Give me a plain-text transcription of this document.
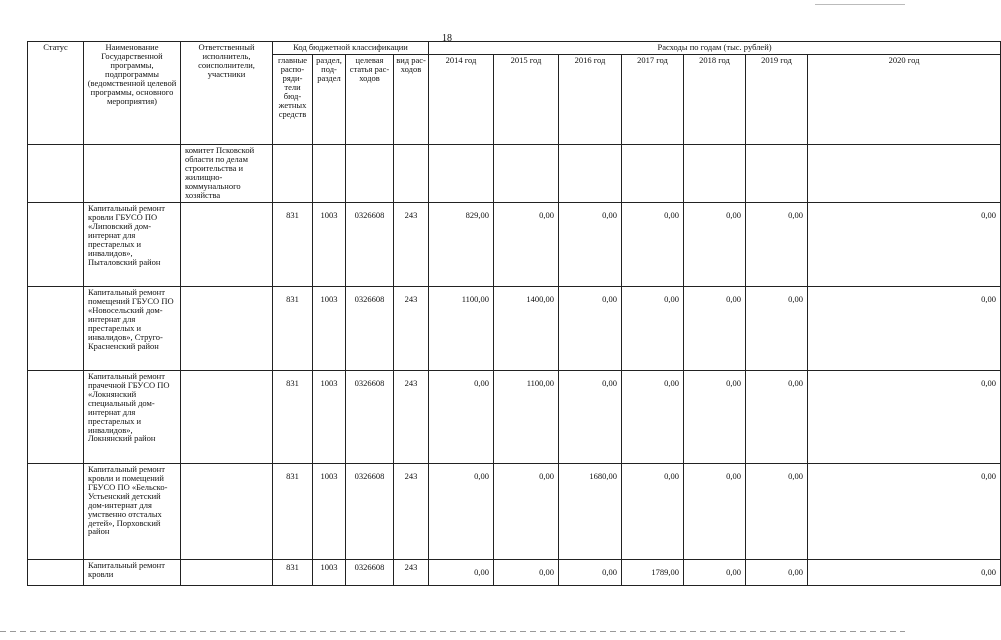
18
Статус	Наименование Государственной программы, подпрограммы (ведомственной целевой программы, основного мероприятия)	Ответственный исполнитель, соисполнители, участники	Код бюджетной классификации				Расходы по годам (тыс. рублей)						
			главные распо-ряди-тели бюд-жетных средств	раздел, под-раздел	целевая статья рас-ходов	вид рас-ходов	2014 год	2015 год	2016 год	2017 год	2018 год	2019 год	2020 год
		комитет Псковской области по делам строительства и жилищно-коммунального хозяйства											
	Капитальный ремонт кровли ГБУСО ПО «Липовский дом-интернат для престарелых и инвалидов», Пыталовский район		831	1003	0326608	243	829,00	0,00	0,00	0,00	0,00	0,00	0,00
	Капитальный ремонт помещений ГБУСО ПО «Новосельский дом-интернат для престарелых и инвалидов», Струго-Красненский район		831	1003	0326608	243	1100,00	1400,00	0,00	0,00	0,00	0,00	0,00
	Капитальный ремонт прачечной ГБУСО ПО «Локнянский специальный дом-интернат для престарелых и инвалидов», Локнянский район		831	1003	0326608	243	0,00	1100,00	0,00	0,00	0,00	0,00	0,00
	Капитальный ремонт кровли и помещений ГБУСО ПО «Бельско-Устьенский детский дом-интернат для умственно отсталых детей», Порховский район		831	1003	0326608	243	0,00	0,00	1680,00	0,00	0,00	0,00	0,00
	Капитальный ремонт кровли		831	1003	0326608	243	0,00	0,00	0,00	1789,00	0,00	0,00	0,00
